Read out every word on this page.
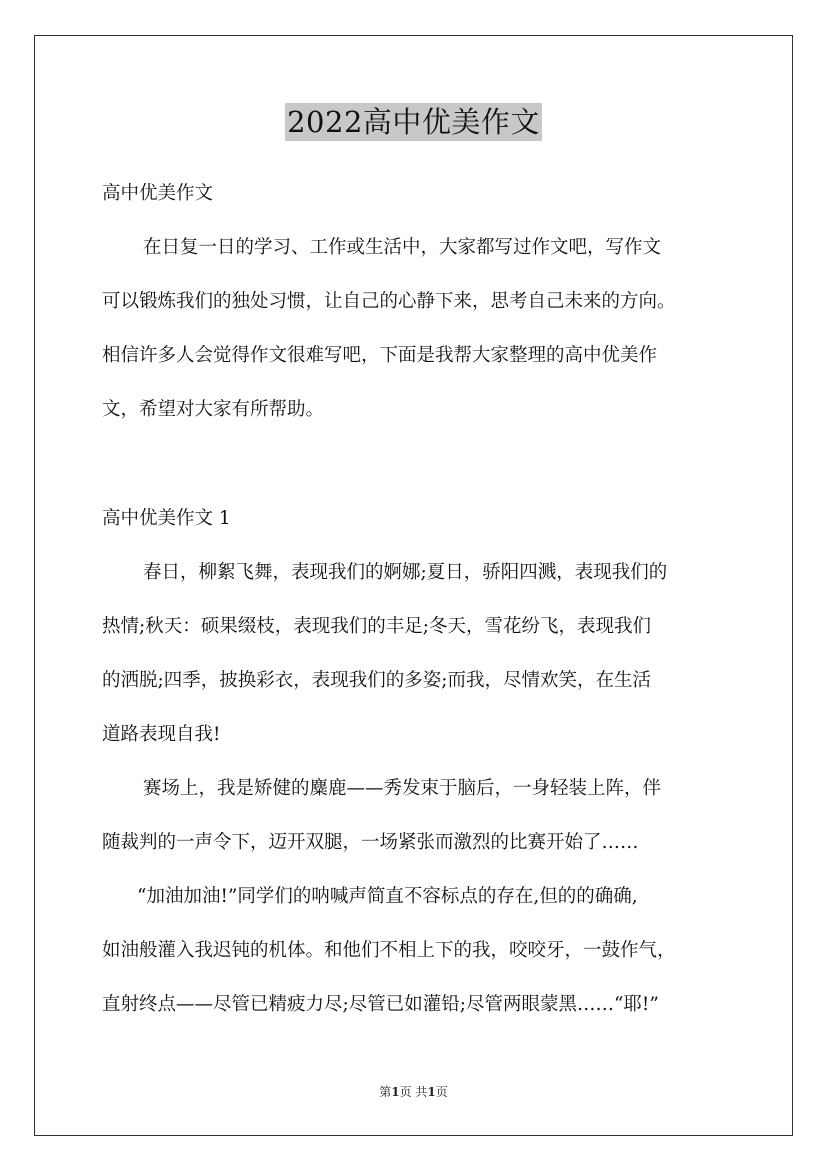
2022高中优美作文
高中优美作文
在日复一日的学习、工作或生活中，大家都写过作文吧，写作文
可以锻炼我们的独处习惯，让自己的心静下来，思考自己未来的方向。
相信许多人会觉得作文很难写吧，下面是我帮大家整理的高中优美作
文，希望对大家有所帮助。
高中优美作文 1
春日，柳絮飞舞，表现我们的婀娜;夏日，骄阳四溅，表现我们的
热情;秋天：硕果缀枝，表现我们的丰足;冬天，雪花纷飞，表现我们
的洒脱;四季，披换彩衣，表现我们的多姿;而我，尽情欢笑，在生活
道路表现自我!
赛场上，我是矫健的麋鹿——秀发束于脑后，一身轻装上阵，伴
随裁判的一声令下，迈开双腿，一场紧张而激烈的比赛开始了……
“加油加油!”同学们的呐喊声简直不容标点的存在,但的的确确,
如油般灌入我迟钝的机体。和他们不相上下的我，咬咬牙，一鼓作气，
直射终点——尽管已精疲力尽;尽管已如灌铅;尽管两眼蒙黑……“耶!”
第1页 共1页
